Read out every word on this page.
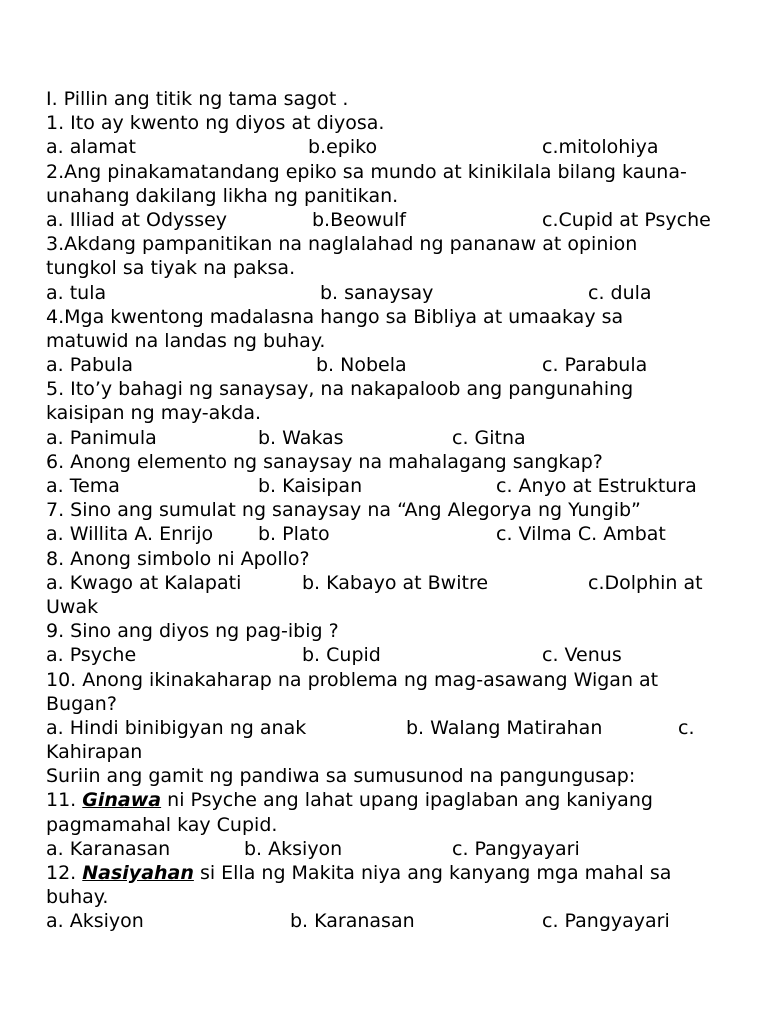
I. Pillin ang titik ng tama sagot .
1. Ito ay kwento ng diyos at diyosa.
a. alamat	b.epiko	c.mitolohiya
2.Ang pinakamatandang epiko sa mundo at kinikilala bilang kauna-
unahang dakilang likha ng panitikan.
a. Illiad at Odyssey	b.Beowulf	c.Cupid at Psyche
3.Akdang pampanitikan na naglalahad ng pananaw at opinion
tungkol sa tiyak na paksa.
a. tula	b. sanaysay	c. dula
4.Mga kwentong madalasna hango sa Bibliya at umaakay sa
matuwid na landas ng buhay.
a. Pabula	b. Nobela	c. Parabula
5. Ito’y bahagi ng sanaysay, na nakapaloob ang pangunahing
kaisipan ng may-akda.
a. Panimula	b. Wakas	c. Gitna
6. Anong elemento ng sanaysay na mahalagang sangkap?
a. Tema	b. Kaisipan	c. Anyo at Estruktura
7. Sino ang sumulat ng sanaysay na “Ang Alegorya ng Yungib”
a. Willita A. Enrijo b. Plato	c. Vilma C. Ambat
8. Anong simbolo ni Apollo?
a. Kwago at Kalapati	b. Kabayo at Bwitre	c.Dolphin at
Uwak
9. Sino ang diyos ng pag-ibig ?
a. Psyche	b. Cupid	c. Venus
10. Anong ikinakaharap na problema ng mag-asawang Wigan at
Bugan?
a. Hindi binibigyan ng anak	b. Walang Matirahan	c.
Kahirapan
Suriin ang gamit ng pandiwa sa sumusunod na pangungusap:
11. Ginawa ni Psyche ang lahat upang ipaglaban ang kaniyang
pagmamahal kay Cupid.
a. Karanasan	b. Aksiyon	c. Pangyayari
12. Nasiyahan si Ella ng Makita niya ang kanyang mga mahal sa
buhay.
a. Aksiyon	b. Karanasan	c. Pangyayari
